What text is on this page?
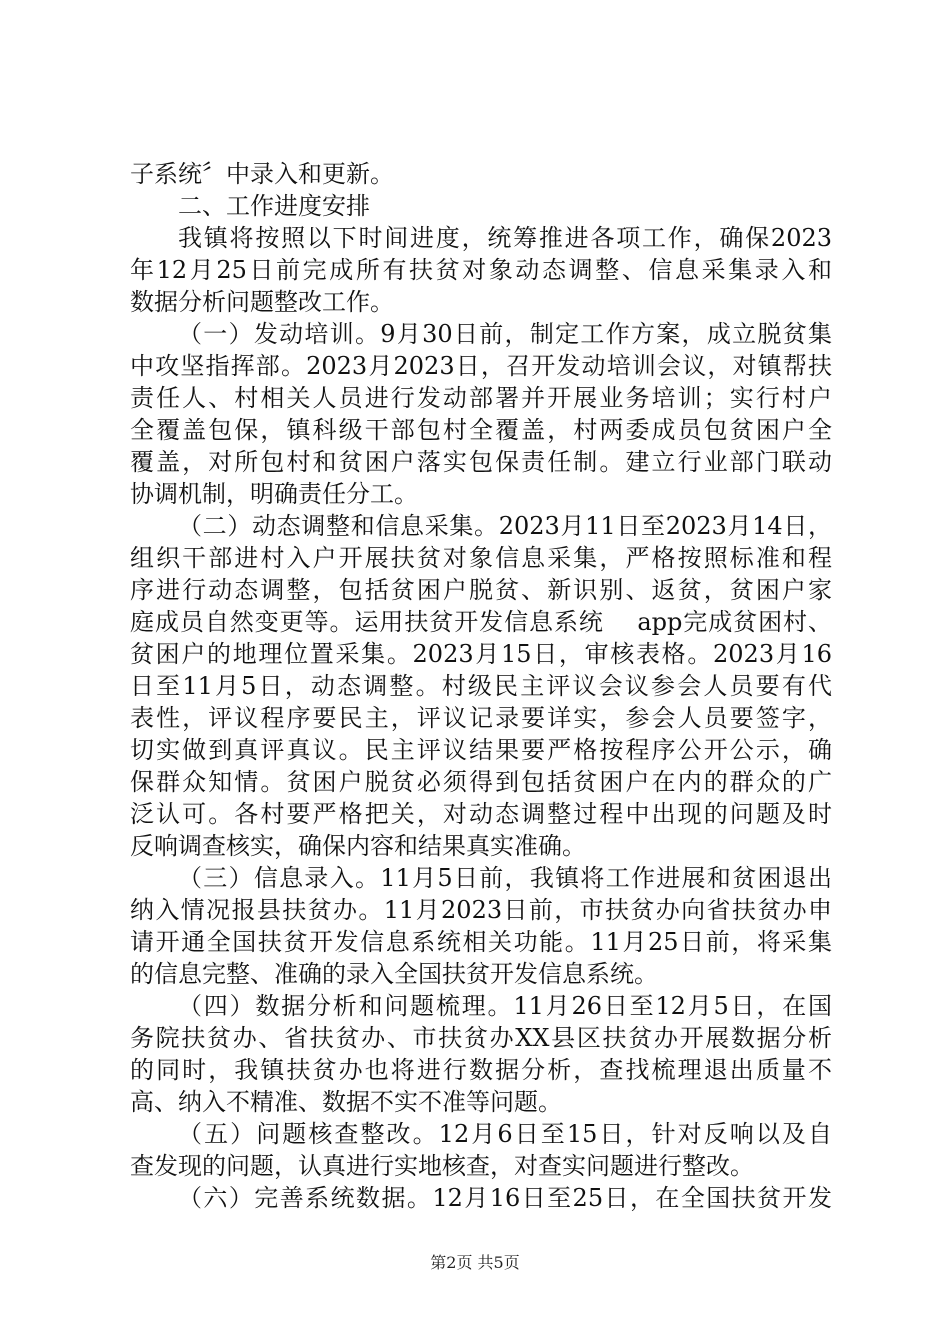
子系统〞中录入和更新。
二、工作进度安排
我镇将按照以下时间进度，统筹推进各项工作，确保2023
年12月25日前完成所有扶贫对象动态调整、信息采集录入和
数据分析问题整改工作。
（一）发动培训。9月30日前，制定工作方案，成立脱贫集
中攻坚指挥部。2023月2023日，召开发动培训会议，对镇帮扶
责任人、村相关人员进行发动部署并开展业务培训；实行村户
全覆盖包保，镇科级干部包村全覆盖，村两委成员包贫困户全
覆盖，对所包村和贫困户落实包保责任制。建立行业部门联动
协调机制，明确责任分工。
（二）动态调整和信息采集。2023月11日至2023月14日，
组织干部进村入户开展扶贫对象信息采集，严格按照标准和程
序进行动态调整，包括贫困户脱贫、新识别、返贫，贫困户家
庭成员自然变更等。运用扶贫开发信息系统　 app完成贫困村、
贫困户的地理位置采集。2023月15日，审核表格。2023月16
日至11月5日，动态调整。村级民主评议会议参会人员要有代
表性，评议程序要民主，评议记录要详实，参会人员要签字，
切实做到真评真议。民主评议结果要严格按程序公开公示，确
保群众知情。贫困户脱贫必须得到包括贫困户在内的群众的广
泛认可。各村要严格把关，对动态调整过程中出现的问题及时
反响调查核实，确保内容和结果真实准确。
（三）信息录入。11月5日前，我镇将工作进展和贫困退出
纳入情况报县扶贫办。11月2023日前，市扶贫办向省扶贫办申
请开通全国扶贫开发信息系统相关功能。11月25日前，将采集
的信息完整、准确的录入全国扶贫开发信息系统。
（四）数据分析和问题梳理。11月26日至12月5日，在国
务院扶贫办、省扶贫办、市扶贫办XX县区扶贫办开展数据分析
的同时，我镇扶贫办也将进行数据分析，查找梳理退出质量不
高、纳入不精准、数据不实不准等问题。
（五）问题核查整改。12月6日至15日，针对反响以及自
查发现的问题，认真进行实地核查，对查实问题进行整改。
（六）完善系统数据。12月16日至25日，在全国扶贫开发
第2页 共5页
